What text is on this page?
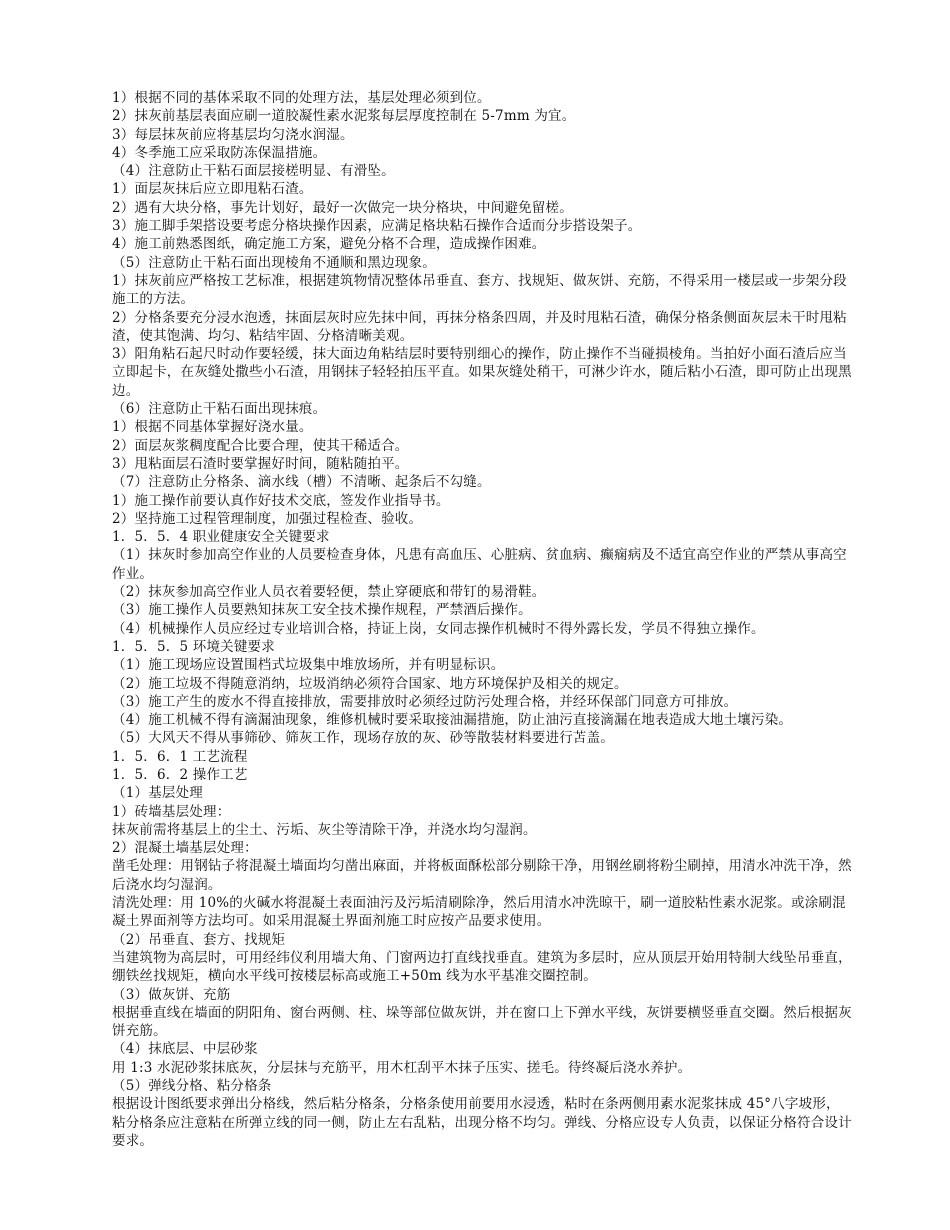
1）根据不同的基体采取不同的处理方法，基层处理必须到位。

2）抹灰前基层表面应刷一道胶凝性素水泥浆每层厚度控制在 5-7mm 为宜。

3）每层抹灰前应将基层均匀浇水润湿。

4）冬季施工应采取防冻保温措施。

（4）注意防止干粘石面层接槎明显、有滑坠。

1）面层灰抹后应立即甩粘石渣。

2）遇有大块分格，事先计划好，最好一次做完一块分格块，中间避免留槎。

3）施工脚手架搭设要考虑分格块操作因素，应满足格块粘石操作合适而分步搭设架子。

4）施工前熟悉图纸，确定施工方案，避免分格不合理，造成操作困难。

（5）注意防止干粘石面出现棱角不通顺和黑边现象。

1）抹灰前应严格按工艺标准，根据建筑物情况整体吊垂直、套方、找规矩、做灰饼、充筋，不得采用一楼层或一步架分段施工的方法。

2）分格条要充分浸水泡透，抹面层灰时应先抹中间，再抹分格条四周，并及时甩粘石渣，确保分格条侧面灰层未干时甩粘渣，使其饱满、均匀、粘结牢固、分格清晰美观。

3）阳角粘石起尺时动作要轻缓，抹大面边角粘结层时要特别细心的操作，防止操作不当碰损棱角。当拍好小面石渣后应当立即起卡，在灰缝处撒些小石渣，用钢抹子轻轻拍压平直。如果灰缝处稍干，可淋少许水，随后粘小石渣，即可防止出现黑边。

（6）注意防止干粘石面出现抹痕。

1）根据不同基体掌握好浇水量。

2）面层灰浆稠度配合比要合理，使其干稀适合。

3）甩粘面层石渣时要掌握好时间，随粘随拍平。

（7）注意防止分格条、滴水线（槽）不清晰、起条后不勾缝。

1）施工操作前要认真作好技术交底，签发作业指导书。

2）坚持施工过程管理制度，加强过程检查、验收。

1．5．5．4 职业健康安全关键要求

（1）抹灰时参加高空作业的人员要检查身体，凡患有高血压、心脏病、贫血病、癫痫病及不适宜高空作业的严禁从事高空作业。

（2）抹灰参加高空作业人员衣着要轻便，禁止穿硬底和带钉的易滑鞋。

（3）施工操作人员要熟知抹灰工安全技术操作规程，严禁酒后操作。

（4）机械操作人员应经过专业培训合格，持证上岗，女同志操作机械时不得外露长发，学员不得独立操作。

1．5．5．5 环境关键要求

（1）施工现场应设置围档式垃圾集中堆放场所，并有明显标识。

（2）施工垃圾不得随意消纳，垃圾消纳必须符合国家、地方环境保护及相关的规定。

（3）施工产生的废水不得直接排放，需要排放时必须经过防污处理合格，并经环保部门同意方可排放。

（4）施工机械不得有滴漏油现象，维修机械时要采取接油漏措施，防止油污直接滴漏在地表造成大地土壤污染。

（5）大风天不得从事筛砂、筛灰工作，现场存放的灰、砂等散装材料要进行苫盖。

1．5．6．1 工艺流程

1．5．6．2 操作工艺

（1）基层处理

1）砖墙基层处理：

抹灰前需将基层上的尘土、污垢、灰尘等清除干净，并浇水均匀湿润。

2）混凝土墙基层处理：

凿毛处理：用钢钻子将混凝土墙面均匀凿出麻面，并将板面酥松部分剔除干净，用钢丝刷将粉尘刷掉，用清水冲洗干净，然后浇水均匀湿润。

清洗处理：用 10%的火碱水将混凝土表面油污及污垢清刷除净，然后用清水冲洗晾干，刷一道胶粘性素水泥浆。或涂刷混凝土界面剂等方法均可。如采用混凝土界面剂施工时应按产品要求使用。

（2）吊垂直、套方、找规矩

当建筑物为高层时，可用经纬仪利用墙大角、门窗两边打直线找垂直。建筑为多层时，应从顶层开始用特制大线坠吊垂直，绷铁丝找规矩，横向水平线可按楼层标高或施工+50m 线为水平基准交圈控制。

（3）做灰饼、充筋

根据垂直线在墙面的阴阳角、窗台两侧、柱、垛等部位做灰饼，并在窗口上下弹水平线，灰饼要横竖垂直交圈。然后根据灰饼充筋。

（4）抹底层、中层砂浆

用 1:3 水泥砂浆抹底灰，分层抹与充筋平，用木杠刮平木抹子压实、搓毛。待终凝后浇水养护。

（5）弹线分格、粘分格条

根据设计图纸要求弹出分格线，然后粘分格条，分格条使用前要用水浸透，粘时在条两侧用素水泥浆抹成 45°八字坡形，粘分格条应注意粘在所弹立线的同一侧，防止左右乱粘，出现分格不均匀。弹线、分格应设专人负责，以保证分格符合设计要求。
